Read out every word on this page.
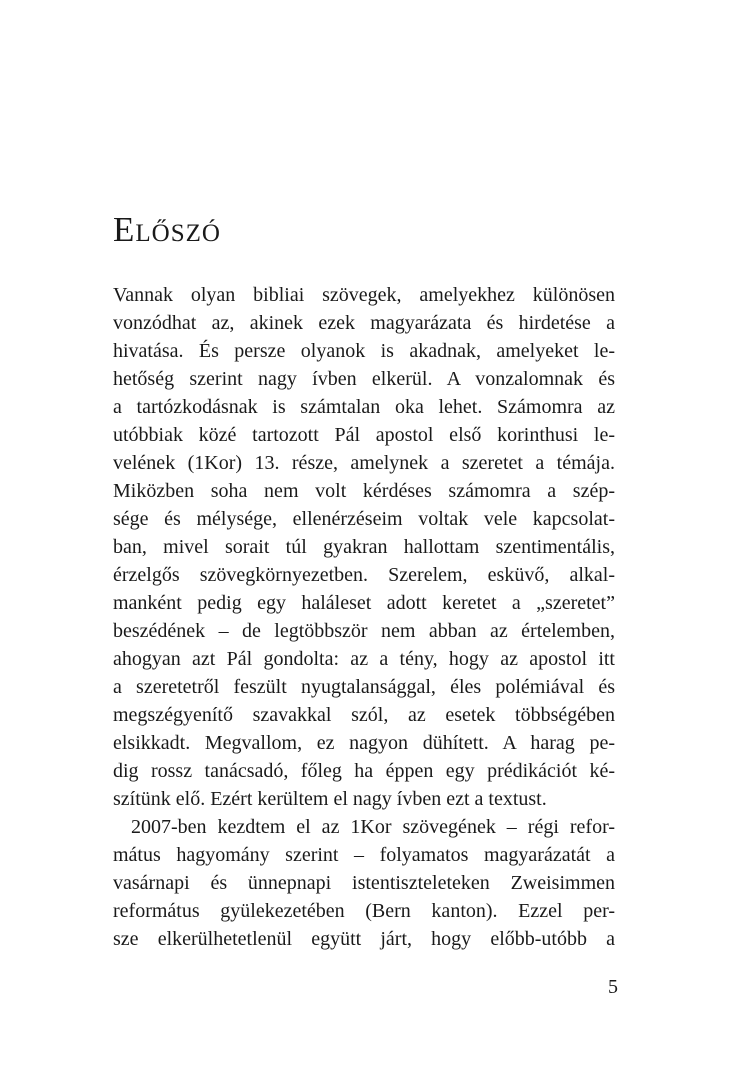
Előszó
Vannak olyan bibliai szövegek, amelyekhez különösen
vonzódhat az, akinek ezek magyarázata és hirdetése a
hivatása. És persze olyanok is akadnak, amelyeket le-
hetőség szerint nagy ívben elkerül. A vonzalomnak és
a tartózkodásnak is számtalan oka lehet. Számomra az
utóbbiak közé tartozott Pál apostol első korinthusi le-
velének (1Kor) 13. része, amelynek a szeretet a témája.
Miközben soha nem volt kérdéses számomra a szép-
sége és mélysége, ellenérzéseim voltak vele kapcsolat-
ban, mivel sorait túl gyakran hallottam szentimentális,
érzelgős szövegkörnyezetben. Szerelem, esküvő, alkal-
manként pedig egy haláleset adott keretet a „szeretet”
beszédének – de legtöbbször nem abban az értelemben,
ahogyan azt Pál gondolta: az a tény, hogy az apostol itt
a szeretetről feszült nyugtalansággal, éles polémiával és
megszégyenítő szavakkal szól, az esetek többségében
elsikkadt. Megvallom, ez nagyon dühített. A harag pe-
dig rossz tanácsadó, főleg ha éppen egy prédikációt ké-
szítünk elő. Ezért kerültem el nagy ívben ezt a textust.
2007-ben kezdtem el az 1Kor szövegének – régi refor-
mátus hagyomány szerint – folyamatos magyarázatát a
vasárnapi és ünnepnapi istentiszteleteken Zweisimmen
református gyülekezetében (Bern kanton). Ezzel per-
sze elkerülhetetlenül együtt járt, hogy előbb-utóbb a
5
